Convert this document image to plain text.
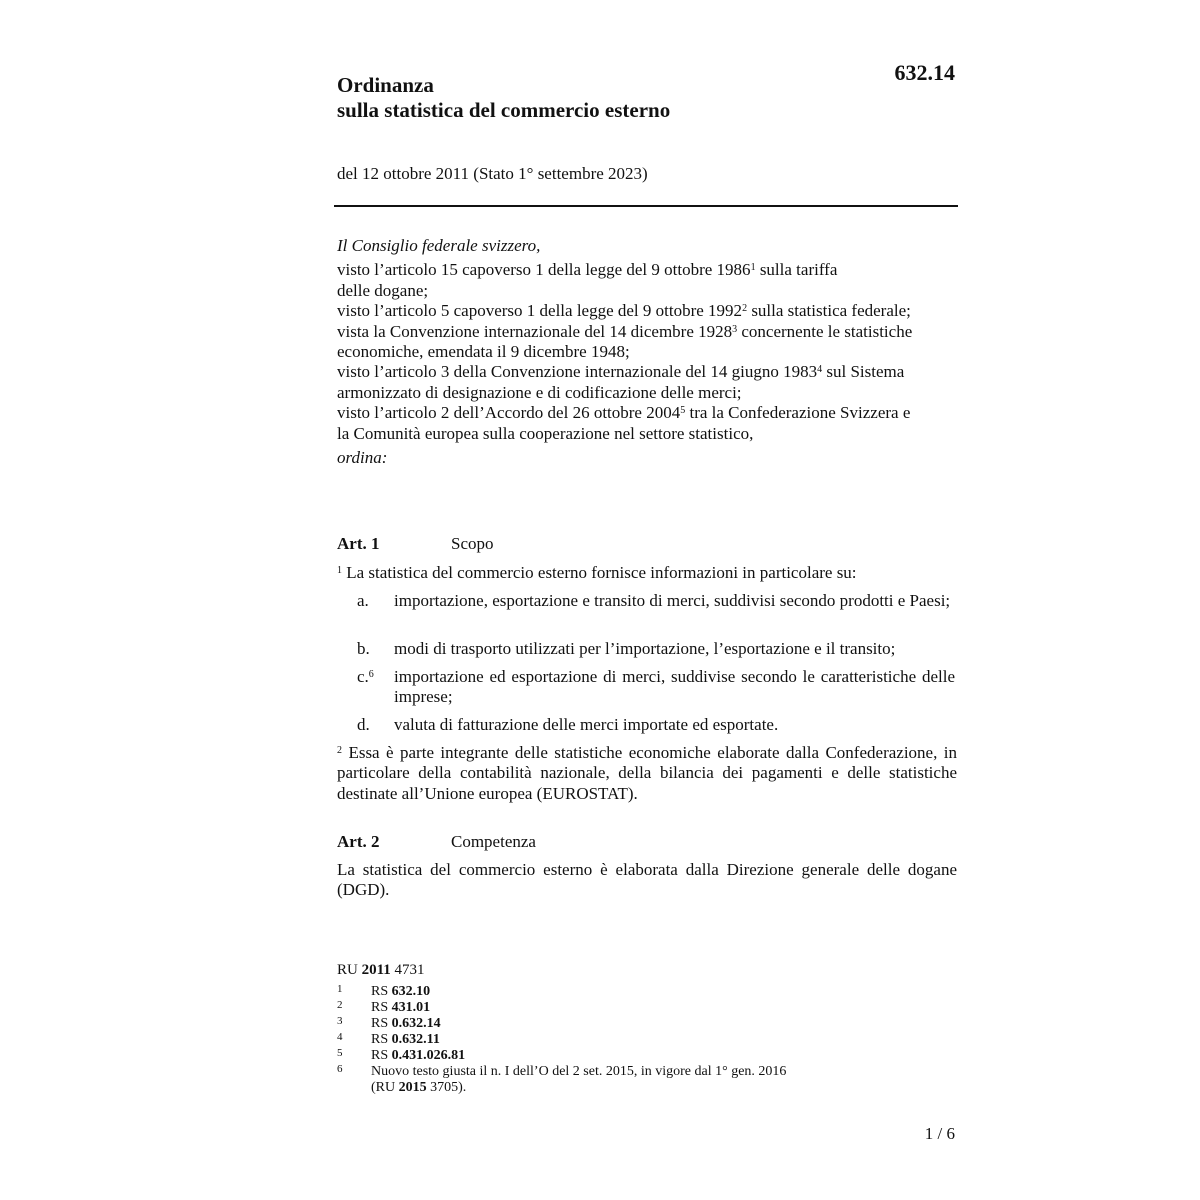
632.14
Ordinanza
sulla statistica del commercio esterno
del 12 ottobre 2011 (Stato 1° settembre 2023)

Il Consiglio federale svizzero,

visto l’articolo 15 capoverso 1 della legge del 9 ottobre 1986$^1$ sulla tariffa

delle dogane;

visto l’articolo 5 capoverso 1 della legge del 9 ottobre 1992$^2$ sulla statistica federale;

vista la Convenzione internazionale del 14 dicembre 1928$^3$ concernente le statistiche

economiche, emendata il 9 dicembre 1948;

visto l’articolo 3 della Convenzione internazionale del 14 giugno 1983$^4$ sul Sistema

armonizzato di designazione e di codificazione delle merci;

visto l’articolo 2 dell’Accordo del 26 ottobre 2004$^5$ tra la Confederazione Svizzera e

la Comunità europea sulla cooperazione nel settore statistico,

ordina:

Art. 1	Scopo
$^1$ La statistica del commercio esterno fornisce informazioni in particolare su:
a.	importazione, esportazione e transito di merci, suddivisi secondo prodotti e Paesi;
b.	modi di trasporto utilizzati per l’importazione, l’esportazione e il transito;
c.$^6$	importazione ed esportazione di merci, suddivise secondo le caratteristiche delle imprese;
d.	valuta di fatturazione delle merci importate ed esportate.
$^2$ Essa è parte integrante delle statistiche economiche elaborate dalla Confederazione, in particolare della contabilità nazionale, della bilancia dei pagamenti e delle statistiche destinate all’Unione europea (EUROSTAT).
Art. 2	Competenza
La statistica del commercio esterno è elaborata dalla Direzione generale delle dogane (DGD).
RU 2011 4731
1 RS 632.10
2 RS 431.01
3 RS 0.632.14
4 RS 0.632.11
5 RS 0.431.026.81
6 Nuovo testo giusta il n. I dell’O del 2 set. 2015, in vigore dal 1° gen. 2016
(RU 2015 3705).
1 / 6
